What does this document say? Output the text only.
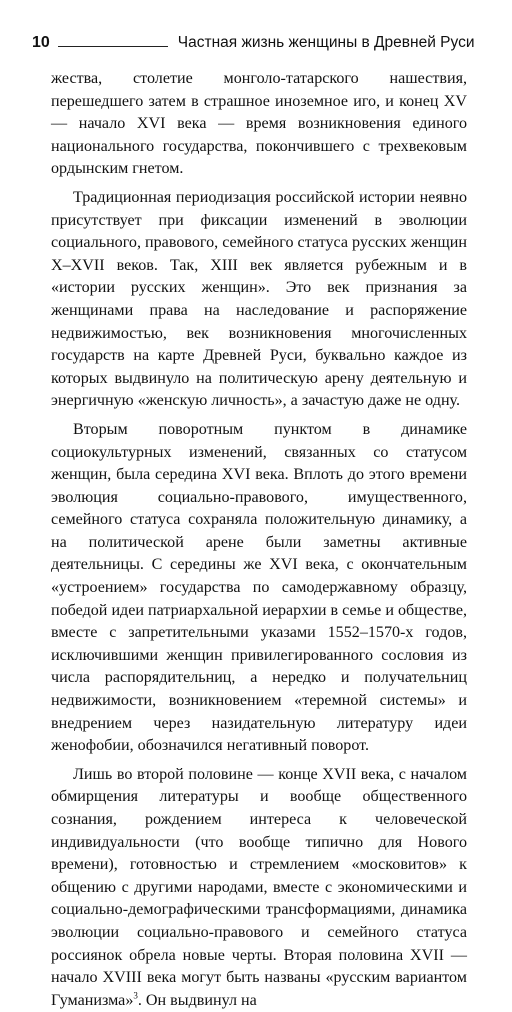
10	Частная жизнь женщины в Древней Руси

жества, столетие монголо-татарского нашествия, перешедшего затем в страшное иноземное иго, и конец XV — начало XVI века — время возникновения единого национального государства, покончившего с трехвековым ордынским гнетом.

Традиционная периодизация российской истории неявно присутствует при фиксации изменений в эволюции социального, правового, семейного статуса русских женщин X–XVII веков. Так, XIII век является рубежным и в «истории русских женщин». Это век признания за женщинами права на наследование и распоряжение недвижимостью, век возникновения многочисленных государств на карте Древней Руси, буквально каждое из которых выдвинуло на политическую арену деятельную и энергичную «женскую личность», а зачастую даже не одну.

Вторым поворотным пунктом в динамике социокультурных изменений, связанных со статусом женщин, была середина XVI века. Вплоть до этого времени эволюция социально-правового, имущественного, семейного статуса сохраняла положительную динамику, а на политической арене были заметны активные деятельницы. С середины же XVI века, с окончательным «устроением» государства по самодержавному образцу, победой идеи патриархальной иерархии в семье и обществе, вместе с запретительными указами 1552–1570-х годов, исключившими женщин привилегированного сословия из числа распорядительниц, а нередко и получательниц недвижимости, возникновением «теремной системы» и внедрением через назидательную литературу идеи женофобии, обозначился негативный поворот.

Лишь во второй половине — конце XVII века, с началом обмирщения литературы и вообще общественного сознания, рождением интереса к человеческой индивидуальности (что вообще типично для Нового времени), готовностью и стремлением «московитов» к общению с другими народами, вместе с экономическими и социально-демографическими трансформациями, динамика эволюции социально-правового и семейного статуса россиянок обрела новые черты. Вторая половина XVII — начало XVIII века могут быть названы «русским вариантом Гуманизма»$^3$. Он выдвинул на
